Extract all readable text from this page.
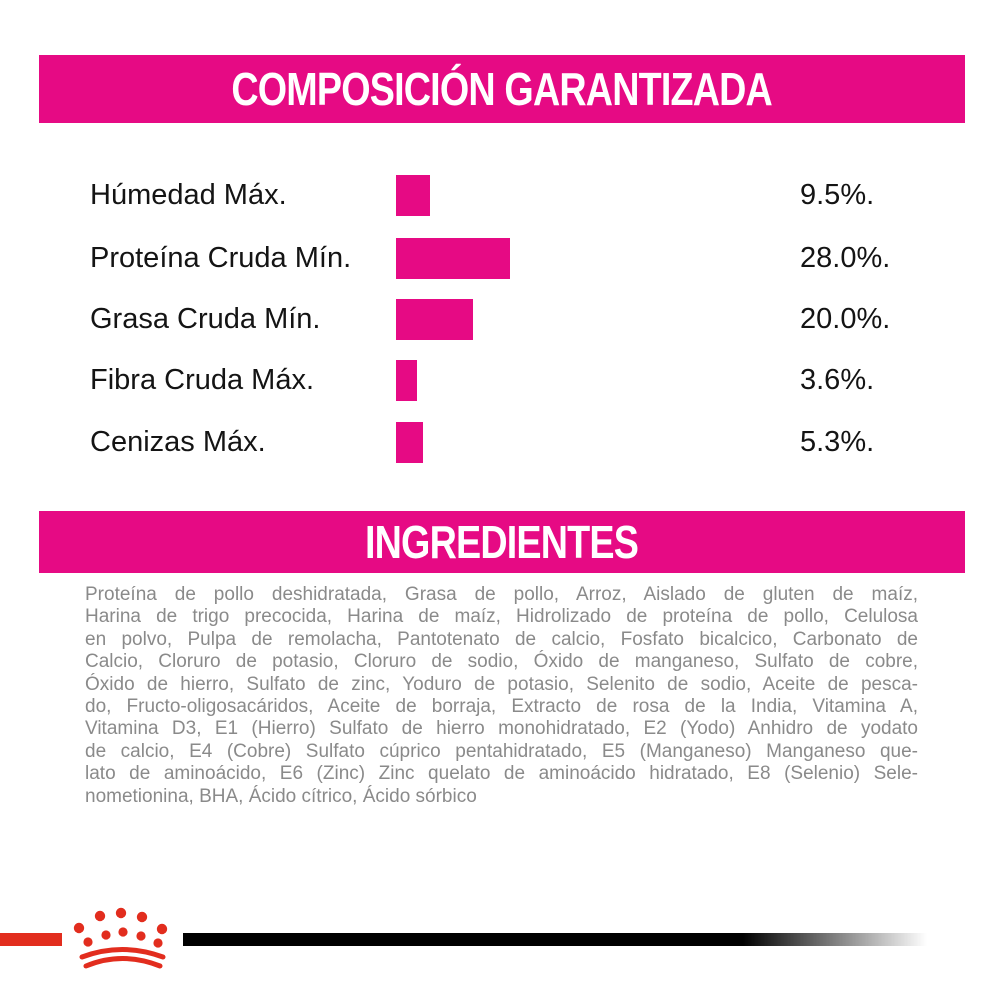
COMPOSICIÓN GARANTIZADA
Húmedad Máx.	9.5%.
Proteína Cruda Mín.	28.0%.
Grasa Cruda Mín.	20.0%.
Fibra Cruda Máx.	3.6%.
Cenizas Máx.	5.3%.
INGREDIENTES
Proteína de pollo deshidratada, Grasa de pollo, Arroz, Aislado de gluten de maíz,
Harina de trigo precocida, Harina de maíz, Hidrolizado de proteína de pollo, Celulosa
en polvo, Pulpa de remolacha, Pantotenato de calcio, Fosfato bicalcico, Carbonato de
Calcio, Cloruro de potasio, Cloruro de sodio, Óxido de manganeso, Sulfato de cobre,
Óxido de hierro, Sulfato de zinc, Yoduro de potasio, Selenito de sodio, Aceite de pesca-
do, Fructo-oligosacáridos, Aceite de borraja, Extracto de rosa de la India, Vitamina A,
Vitamina D3, E1 (Hierro) Sulfato de hierro monohidratado, E2 (Yodo) Anhidro de yodato
de calcio, E4 (Cobre) Sulfato cúprico pentahidratado, E5 (Manganeso) Manganeso que-
lato de aminoácido, E6 (Zinc) Zinc quelato de aminoácido hidratado, E8 (Selenio) Sele-
nometionina, BHA, Ácido cítrico, Ácido sórbico
